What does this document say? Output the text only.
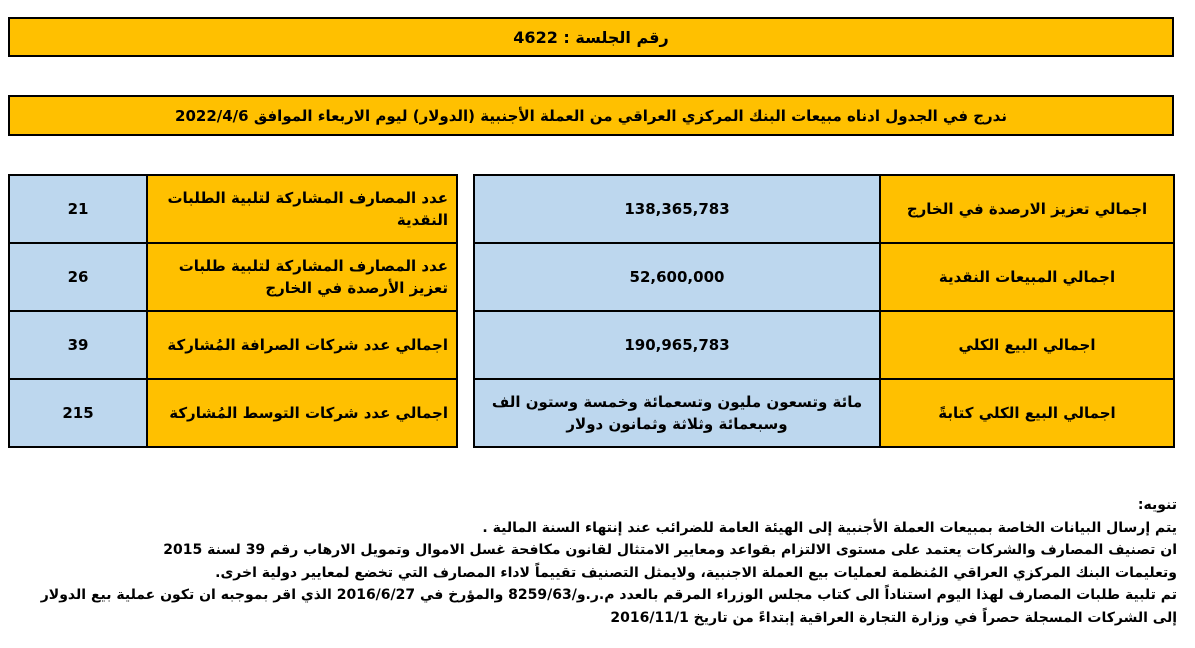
رقم الجلسة : 4622
ندرج في الجدول ادناه مبيعات البنك المركزي العراقي من العملة الأجنبية (الدولار) ليوم الاربعاء الموافق 2022/4/6
اجمالي تعزيز الارصدة في الخارج	138,365,783
اجمالي المبيعات النقدية	52,600,000
اجمالي البيع الكلي	190,965,783
اجمالي البيع الكلي كتابةً	مائة وتسعون مليون وتسعمائة وخمسة وستون الف وسبعمائة وثلاثة وثمانون دولار
عدد المصارف المشاركة لتلبية الطلبات النقدية	21
عدد المصارف المشاركة لتلبية طلبات تعزيز الأرصدة في الخارج	26
اجمالي عدد شركات الصرافة المُشاركة	39
اجمالي عدد شركات التوسط المُشاركة	215

تنويه:

يتم إرسال البيانات الخاصة بمبيعات العملة الأجنبية إلى الهيئة العامة للضرائب عند إنتهاء السنة المالية .

ان تصنيف المصارف والشركات يعتمد على مستوى الالتزام بقواعد ومعايير الامتثال لقانون مكافحة غسل الاموال وتمويل الارهاب رقم 39 لسنة 2015

وتعليمات البنك المركزي العراقي المُنظمة لعمليات بيع العملة الاجنبية، ولايمثل التصنيف تقييماً لاداء المصارف التي تخضع لمعايير دولية اخرى.

تم تلبية طلبات المصارف لهذا اليوم استناداً الى كتاب مجلس الوزراء المرقم بالعدد م.ر.و/8259/63 والمؤرخ في 2016/6/27 الذي اقر بموجبه ان تكون عملية بيع الدولار

إلى الشركات المسجلة حصراً في وزارة التجارة العراقية إبتداءً من تاريخ 2016/11/1
